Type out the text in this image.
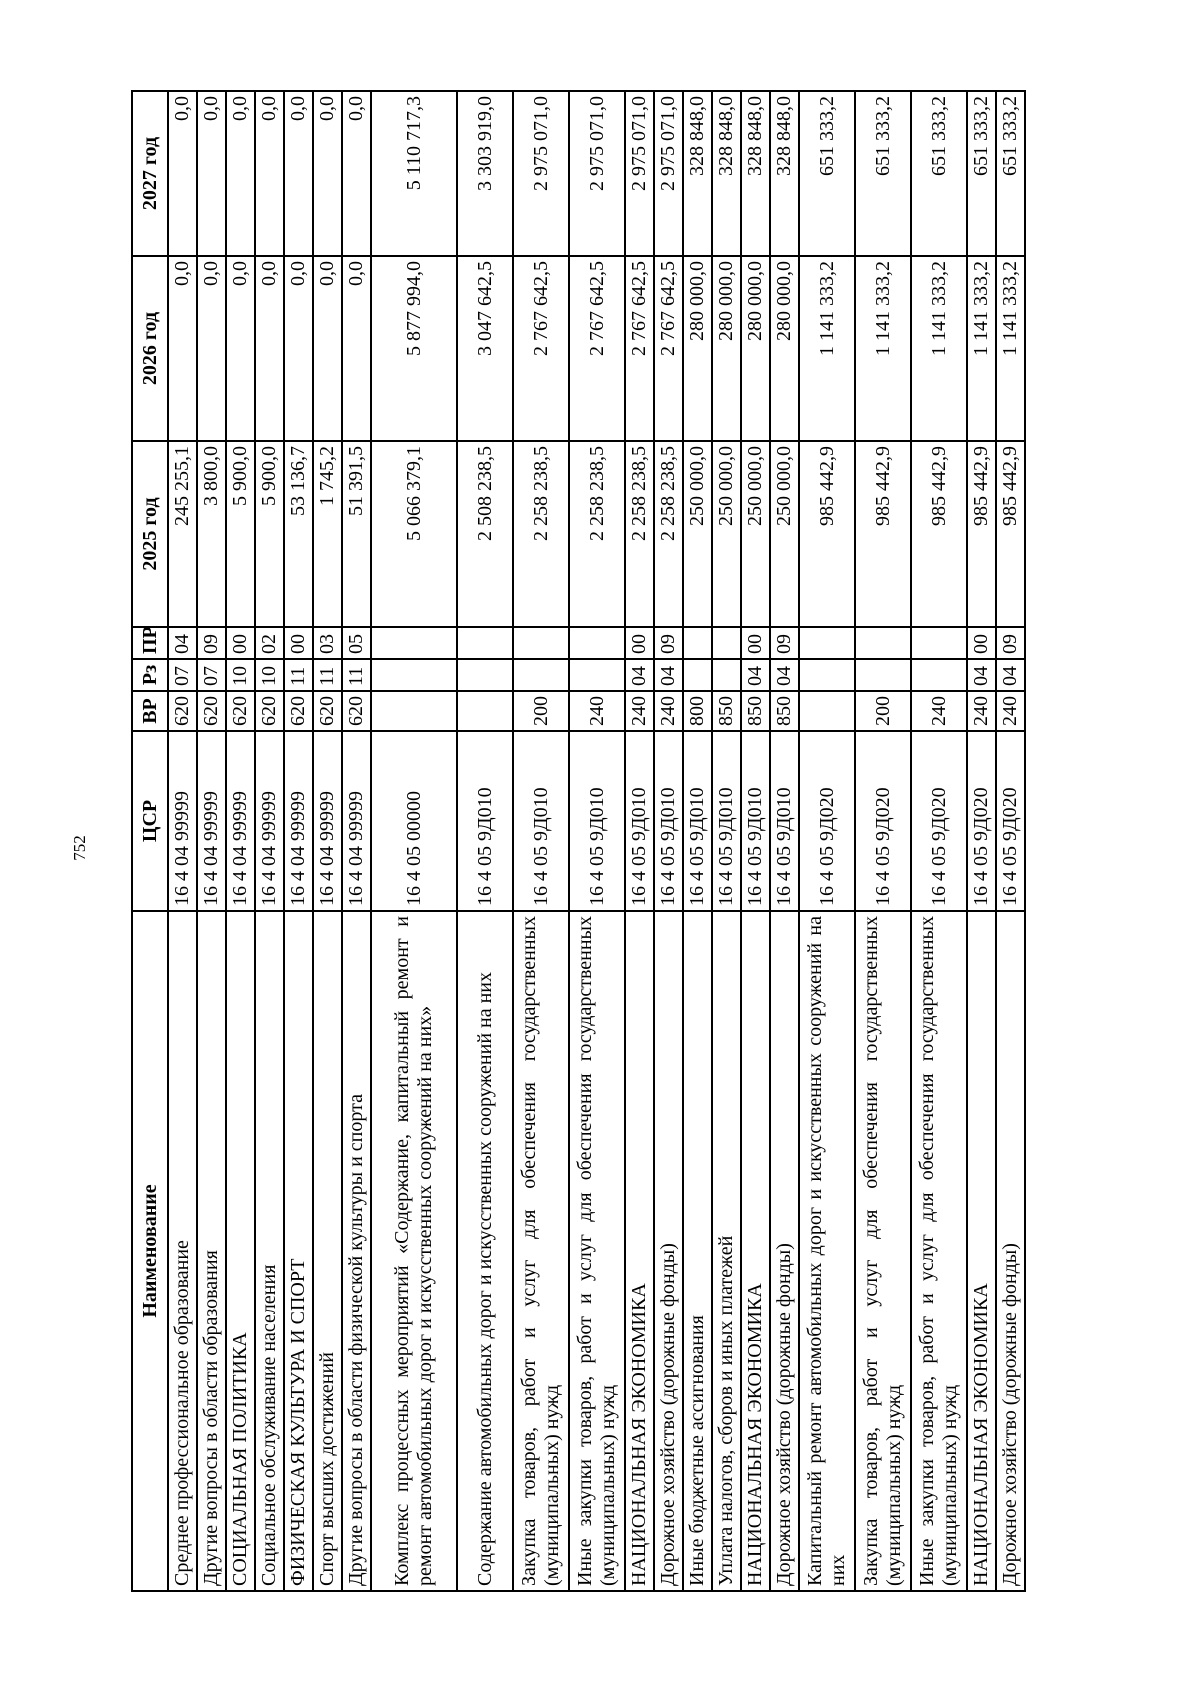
752
Наименование	ЦСР	ВР	Рз	ПР	2025 год	2026 год	2027 год
Среднее профессиональное образование	16 4 04 99999	620	07	04	245 255,1	0,0	0,0
Другие вопросы в области образования	16 4 04 99999	620	07	09	3 800,0	0,0	0,0
СОЦИАЛЬНАЯ ПОЛИТИКА	16 4 04 99999	620	10	00	5 900,0	0,0	0,0
Социальное обслуживание населения	16 4 04 99999	620	10	02	5 900,0	0,0	0,0
ФИЗИЧЕСКАЯ КУЛЬТУРА И СПОРТ	16 4 04 99999	620	11	00	53 136,7	0,0	0,0
Спорт высших достижений	16 4 04 99999	620	11	03	1 745,2	0,0	0,0
Другие вопросы в области физической культуры и спорта	16 4 04 99999	620	11	05	51 391,5	0,0	0,0
Комплекс процессных мероприятий «Содержание, капитальный ремонт и ремонт автомобильных дорог и искусственных сооружений на них»	16 4 05 00000				5 066 379,1	5 877 994,0	5 110 717,3
Содержание автомобильных дорог и искусственных сооружений на них	16 4 05 9Д010				2 508 238,5	3 047 642,5	3 303 919,0
Закупка товаров, работ и услуг для обеспечения государственных (муниципальных) нужд	16 4 05 9Д010	200			2 258 238,5	2 767 642,5	2 975 071,0
Иные закупки товаров, работ и услуг для обеспечения государственных (муниципальных) нужд	16 4 05 9Д010	240			2 258 238,5	2 767 642,5	2 975 071,0
НАЦИОНАЛЬНАЯ ЭКОНОМИКА	16 4 05 9Д010	240	04	00	2 258 238,5	2 767 642,5	2 975 071,0
Дорожное хозяйство (дорожные фонды)	16 4 05 9Д010	240	04	09	2 258 238,5	2 767 642,5	2 975 071,0
Иные бюджетные ассигнования	16 4 05 9Д010	800			250 000,0	280 000,0	328 848,0
Уплата налогов, сборов и иных платежей	16 4 05 9Д010	850			250 000,0	280 000,0	328 848,0
НАЦИОНАЛЬНАЯ ЭКОНОМИКА	16 4 05 9Д010	850	04	00	250 000,0	280 000,0	328 848,0
Дорожное хозяйство (дорожные фонды)	16 4 05 9Д010	850	04	09	250 000,0	280 000,0	328 848,0
Капитальный ремонт автомобильных дорог и искусственных сооружений на них	16 4 05 9Д020				985 442,9	1 141 333,2	651 333,2
Закупка товаров, работ и услуг для обеспечения государственных (муниципальных) нужд	16 4 05 9Д020	200			985 442,9	1 141 333,2	651 333,2
Иные закупки товаров, работ и услуг для обеспечения государственных (муниципальных) нужд	16 4 05 9Д020	240			985 442,9	1 141 333,2	651 333,2
НАЦИОНАЛЬНАЯ ЭКОНОМИКА	16 4 05 9Д020	240	04	00	985 442,9	1 141 333,2	651 333,2
Дорожное хозяйство (дорожные фонды)	16 4 05 9Д020	240	04	09	985 442,9	1 141 333,2	651 333,2
